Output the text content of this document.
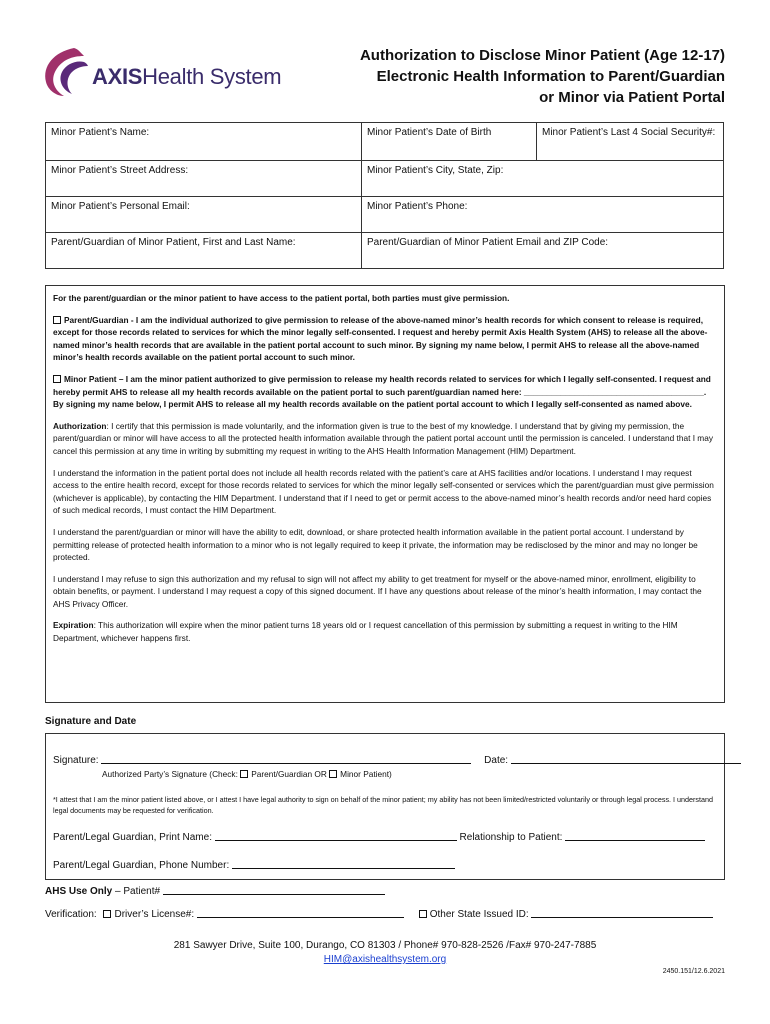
AXISHealth System
Authorization to Disclose Minor Patient (Age 12-17)
Electronic Health Information to Parent/Guardian
or Minor via Patient Portal
Minor Patient’s Name:	Minor Patient’s Date of Birth	Minor Patient’s Last 4 Social Security#:
Minor Patient’s Street Address:	Minor Patient’s City, State, Zip:	
Minor Patient’s Personal Email:	Minor Patient’s Phone:	
Parent/Guardian of Minor Patient, First and Last Name:	Parent/Guardian of Minor Patient Email and ZIP Code:	

For the parent/guardian or the minor patient to have access to the patient portal, both parties must give permission.

Parent/Guardian - I am the individual authorized to give permission to release of the above-named minor’s health records for which consent to release is required, except for those records related to services for which the minor legally self-consented. I request and hereby permit Axis Health System (AHS) to release all the above-named minor’s health records that are available in the patient portal account to such minor. By signing my name below, I permit AHS to release all the above-named minor’s health records available on the patient portal account to such minor.

Minor Patient – I am the minor patient authorized to give permission to release my health records related to services for which I legally self-consented. I request and hereby permit AHS to release all my health records available on the patient portal to such parent/guardian named here: _______________________________________. By signing my name below, I permit AHS to release all my health records available on the patient portal account to which I legally self-consented as named above.

Authorization: I certify that this permission is made voluntarily, and the information given is true to the best of my knowledge. I understand that by giving my permission, the parent/guardian or minor will have access to all the protected health information available through the patient portal account until the permission is canceled. I understand that I may cancel this permission at any time in writing by submitting my request in writing to the AHS Health Information Management (HIM) Department.

I understand the information in the patient portal does not include all health records related with the patient’s care at AHS facilities and/or locations. I understand I may request access to the entire health record, except for those records related to services for which the minor legally self-consented or services which the parent/guardian must give permission (whichever is applicable), by contacting the HIM Department. I understand that if I need to get or permit access to the above-named minor’s health records and/or need hard copies of such medical records, I must contact the HIM Department.

I understand the parent/guardian or minor will have the ability to edit, download, or share protected health information available in the patient portal account. I understand by permitting release of protected health information to a minor who is not legally required to keep it private, the information may be redisclosed by the minor and may no longer be protected.

I understand I may refuse to sign this authorization and my refusal to sign will not affect my ability to get treatment for myself or the above-named minor, enrollment, eligibility to obtain benefits, or payment. I understand I may request a copy of this signed document. If I have any questions about release of the minor’s health information, I may contact the AHS Privacy Officer.

Expiration: This authorization will expire when the minor patient turns 18 years old or I request cancellation of this permission by submitting a request in writing to the HIM Department, whichever happens first.

Signature and Date
Signature:	Date:
Authorized Party’s Signature (Check: Parent/Guardian OR Minor Patient)
*I attest that I am the minor patient listed above, or I attest I have legal authority to sign on behalf of the minor patient; my ability has not been limited/restricted voluntarily or through legal process. I understand legal documents may be requested for verification.
Parent/Legal Guardian, Print Name:	Relationship to Patient:
Parent/Legal Guardian, Phone Number:
AHS Use Only – Patient#
Verification: Driver’s License#:	Other State Issued ID:
281 Sawyer Drive, Suite 100, Durango, CO 81303 / Phone# 970-828-2526 /Fax# 970-247-7885
HIM@axishealthsystem.org
2450.151/12.6.2021
